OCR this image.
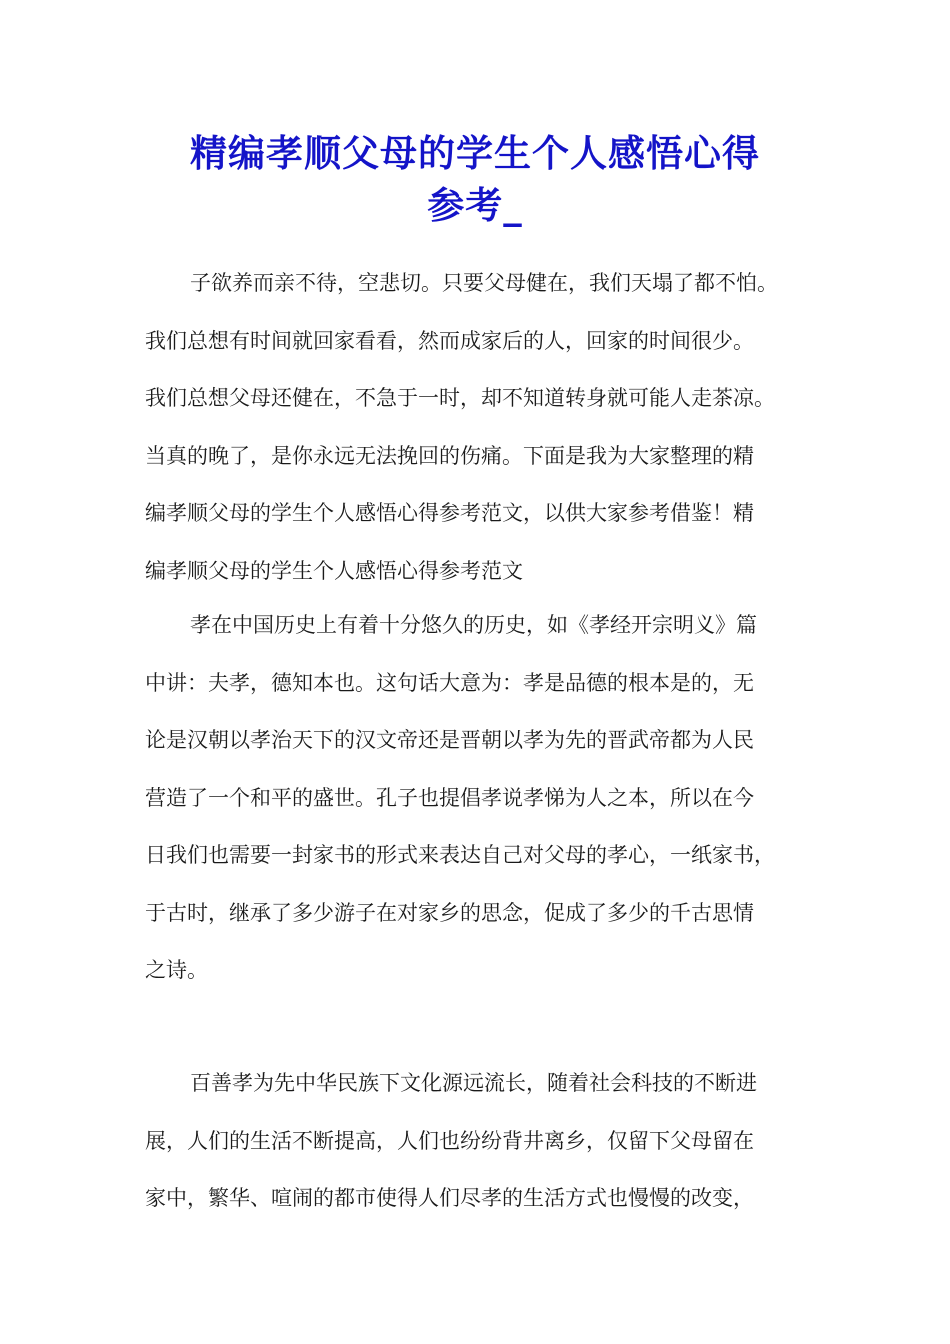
精编孝顺父母的学生个人感悟心得
参考_

子欲养而亲不待，空悲切。只要父母健在，我们天塌了都不怕。
我们总想有时间就回家看看，然而成家后的人，回家的时间很少。
我们总想父母还健在，不急于一时，却不知道转身就可能人走茶凉。
当真的晚了，是你永远无法挽回的伤痛。下面是我为大家整理的精
编孝顺父母的学生个人感悟心得参考范文，以供大家参考借鉴！精
编孝顺父母的学生个人感悟心得参考范文

孝在中国历史上有着十分悠久的历史，如《孝经开宗明义》篇
中讲：夫孝，德知本也。这句话大意为：孝是品德的根本是的，无
论是汉朝以孝治天下的汉文帝还是晋朝以孝为先的晋武帝都为人民
营造了一个和平的盛世。孔子也提倡孝说孝悌为人之本，所以在今
日我们也需要一封家书的形式来表达自己对父母的孝心，一纸家书，
于古时，继承了多少游子在对家乡的思念，促成了多少的千古思情
之诗。

百善孝为先中华民族下文化源远流长，随着社会科技的不断进
展，人们的生活不断提高，人们也纷纷背井离乡，仅留下父母留在
家中，繁华、喧闹的都市使得人们尽孝的生活方式也慢慢的改变，
